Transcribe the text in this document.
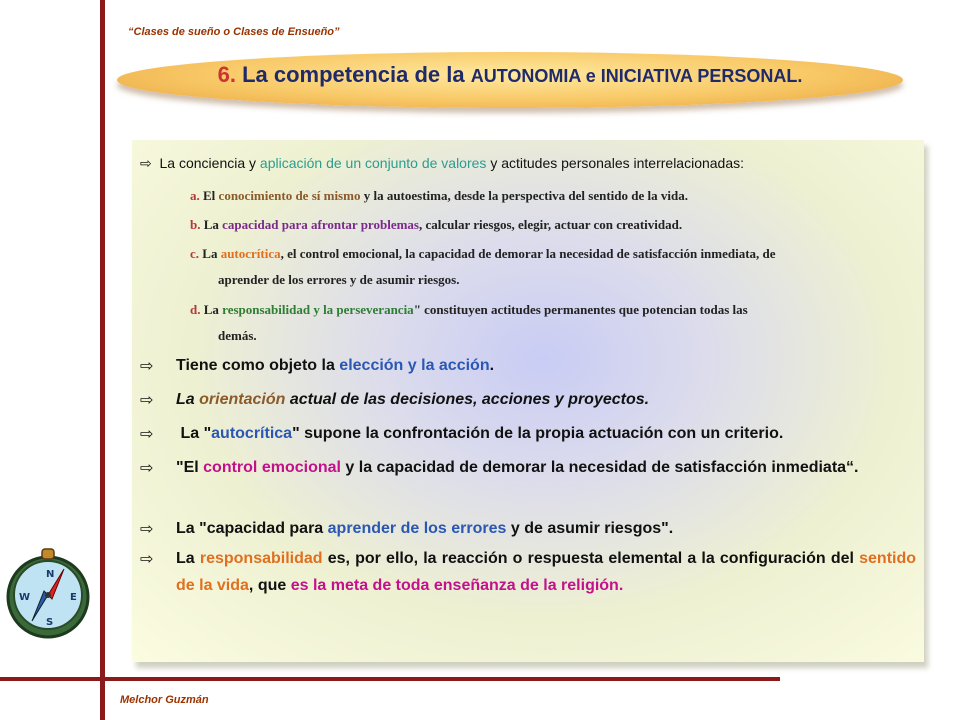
“Clases de sueño o Clases de Ensueño”
6. La competencia de la AUTONOMIA e INICIATIVA PERSONAL.
⇨ La conciencia y aplicación de un conjunto de valores y actitudes personales interrelacionadas:
a. El conocimiento de sí mismo y la autoestima, desde la perspectiva del sentido de la vida.
b. La capacidad para afrontar problemas, calcular riesgos, elegir, actuar con creatividad.
c. La autocrítica, el control emocional, la capacidad de demorar la necesidad de satisfacción inmediata, de
aprender de los errores y de asumir riesgos.
d. La responsabilidad y la perseverancia" constituyen actitudes permanentes que potencian todas las
demás.
⇨	Tiene como objeto la elección y la acción.
⇨	La orientación actual de las decisiones, acciones y proyectos.
⇨	La "autocrítica" supone la confrontación de la propia actuación con un criterio.
⇨	"El control emocional y la capacidad de demorar la necesidad de satisfacción inmediata“.
⇨	La "capacidad para aprender de los errores y de asumir riesgos".
⇨	La responsabilidad es, por ello, la reacción o respuesta elemental a la configuración del sentido de la vida, que es la meta de toda enseñanza de la religión.
N
S
W	E
Melchor Guzmán
